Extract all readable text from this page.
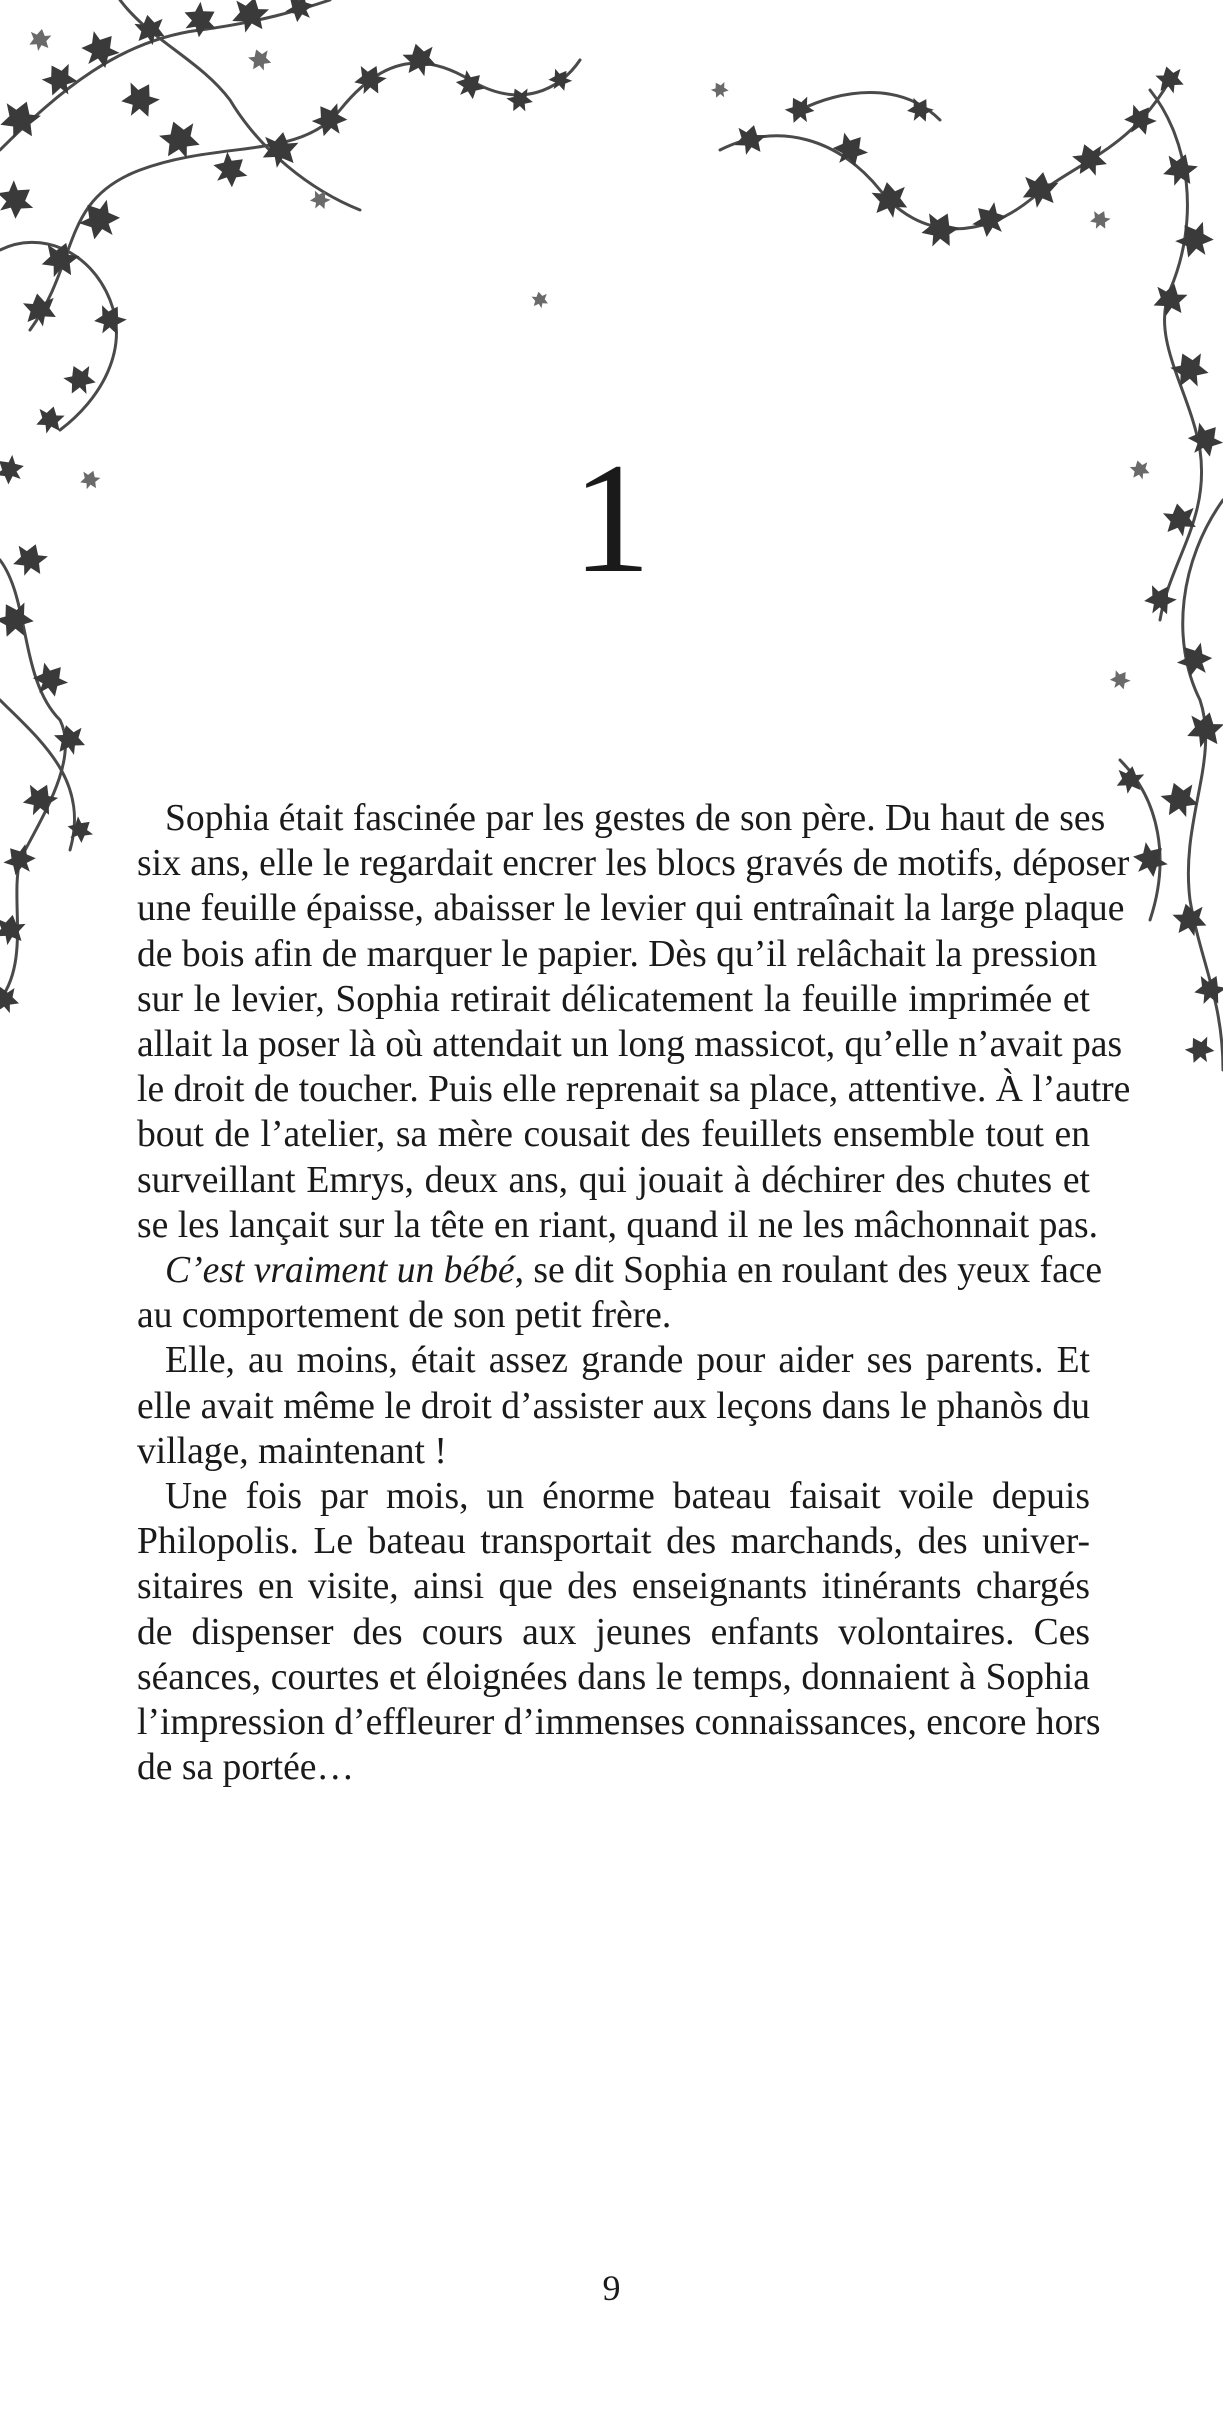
1
Sophia était fascinée par les gestes de son père. Du haut de ses
six ans, elle le regardait encrer les blocs gravés de motifs, déposer
une feuille épaisse, abaisser le levier qui entraînait la large plaque
de bois afin de marquer le papier. Dès qu’il relâchait la pression
sur le levier, Sophia retirait délicatement la feuille imprimée et
allait la poser là où attendait un long massicot, qu’elle n’avait pas
le droit de toucher. Puis elle reprenait sa place, attentive. À l’autre
bout de l’atelier, sa mère cousait des feuillets ensemble tout en
surveillant Emrys, deux ans, qui jouait à déchirer des chutes et
se les lançait sur la tête en riant, quand il ne les mâchonnait pas.
C’est vraiment un bébé, se dit Sophia en roulant des yeux face
au comportement de son petit frère.
Elle, au moins, était assez grande pour aider ses parents. Et
elle avait même le droit d’assister aux leçons dans le phanòs du
village, maintenant !
Une fois par mois, un énorme bateau faisait voile depuis
Philopolis. Le bateau transportait des marchands, des univer-
sitaires en visite, ainsi que des enseignants itinérants chargés
de dispenser des cours aux jeunes enfants volontaires. Ces
séances, courtes et éloignées dans le temps, donnaient à Sophia
l’impression d’effleurer d’immenses connaissances, encore hors
de sa portée…
9
